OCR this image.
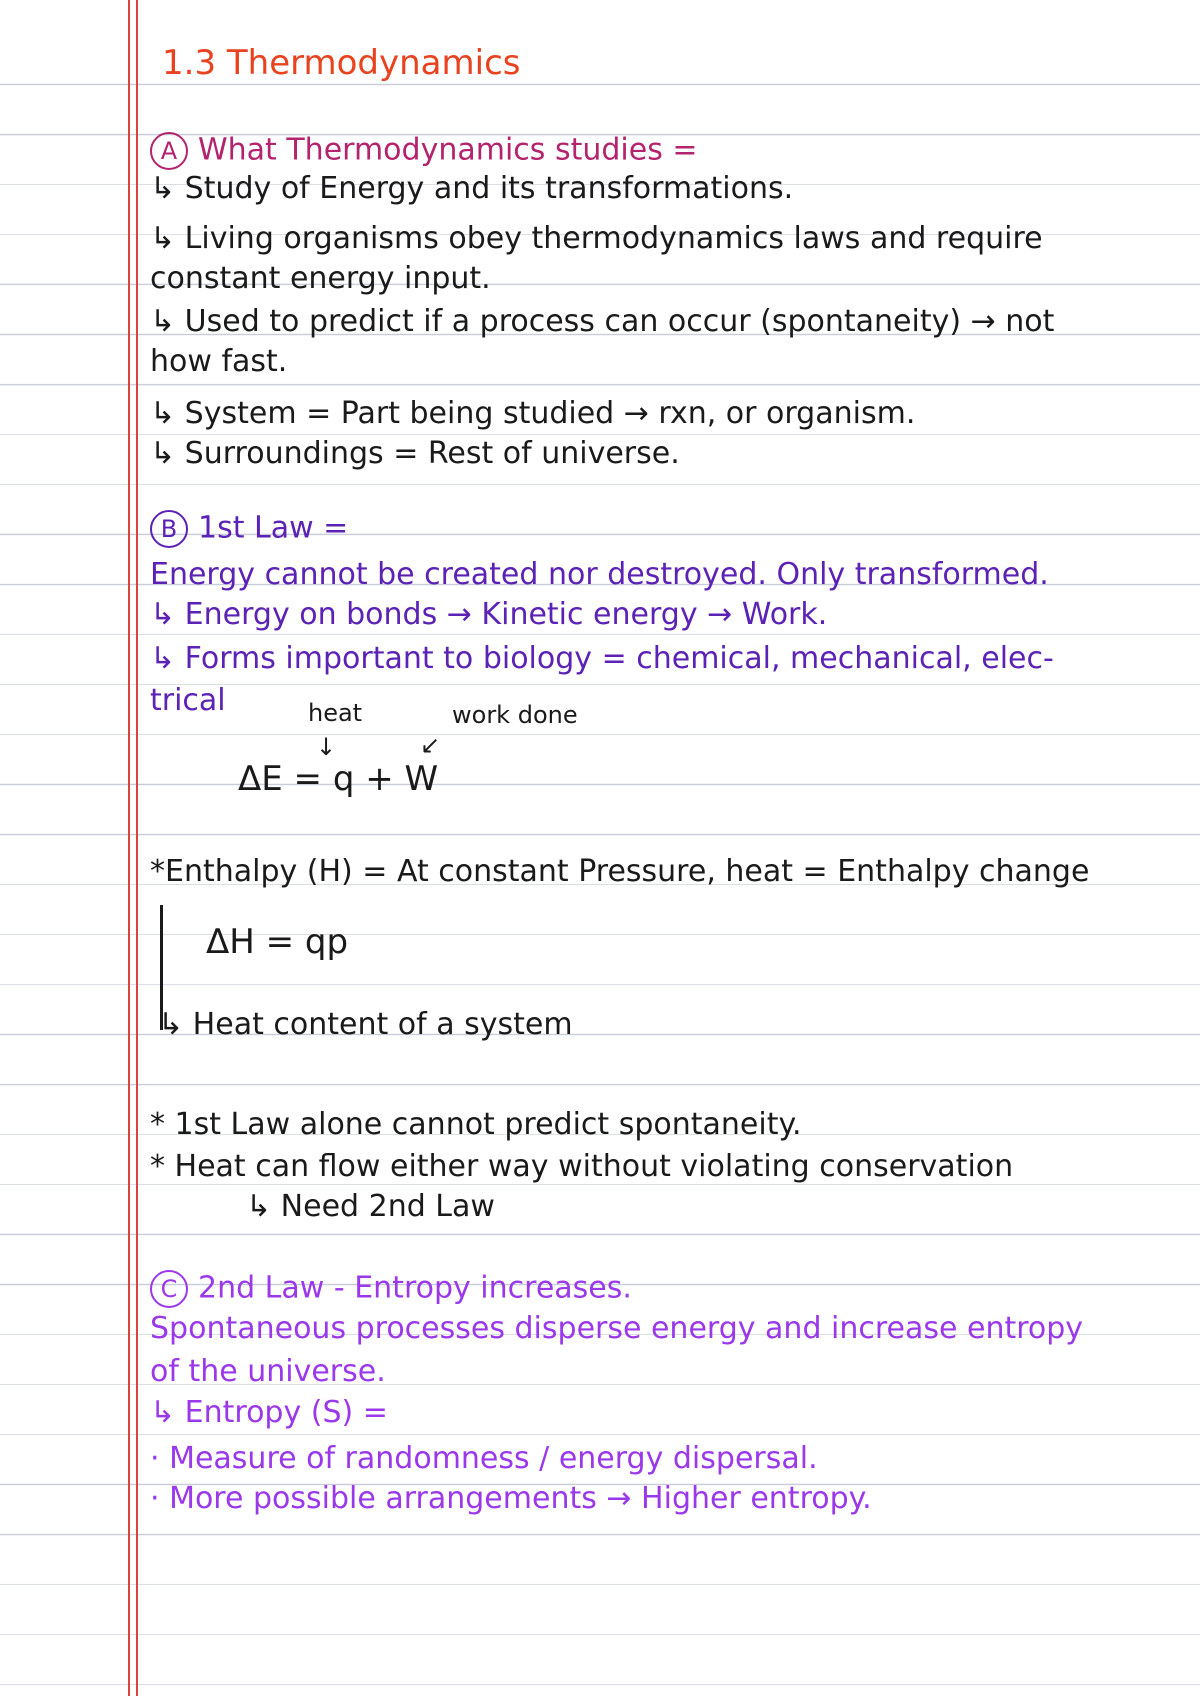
1.3 Thermodynamics
A What Thermodynamics studies =
↳ Study of Energy and its transformations.
↳ Living organisms obey thermodynamics laws and require
constant energy input.
↳ Used to predict if a process can occur (spontaneity) → not
how fast.
↳ System = Part being studied → rxn, or organism.
↳ Surroundings = Rest of universe.
B 1st Law =
Energy cannot be created nor destroyed. Only transformed.
↳ Energy on bonds → Kinetic energy → Work.
↳ Forms important to biology = chemical, mechanical, elec-
trical	heat	work done
↓	↙
ΔE = q + W
*Enthalpy (H) = At constant Pressure, heat = Enthalpy change
ΔH = qp
↳ Heat content of a system
* 1st Law alone cannot predict spontaneity.
* Heat can flow either way without violating conservation
↳ Need 2nd Law
C 2nd Law - Entropy increases.
Spontaneous processes disperse energy and increase entropy
of the universe.
↳ Entropy (S) =
· Measure of randomness / energy dispersal.
· More possible arrangements → Higher entropy.
